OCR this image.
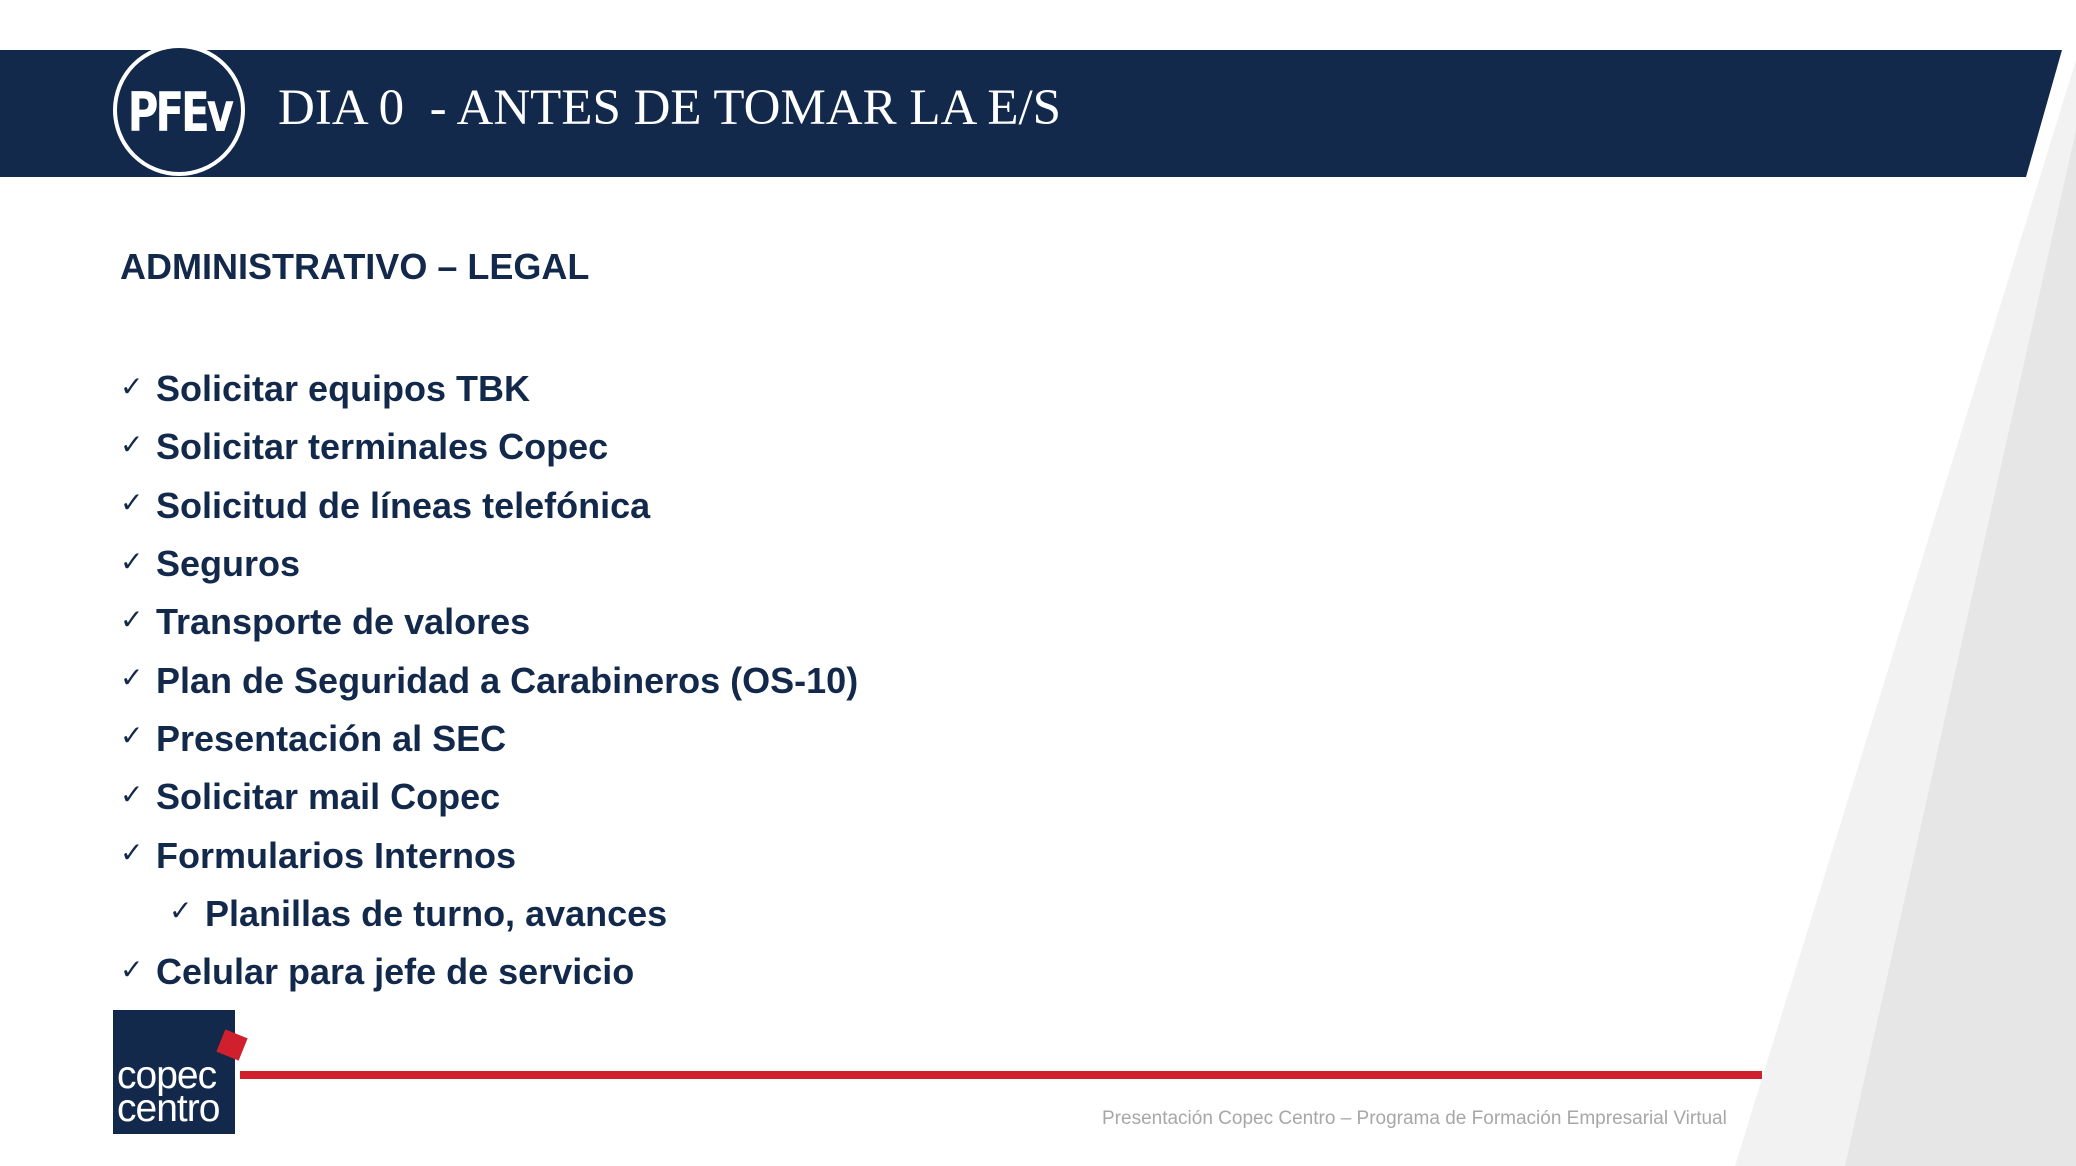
PFEv DIA 0  - ANTES DE TOMAR LA E/S
ADMINISTRATIVO – LEGAL
✓ Solicitar equipos TBK
✓ Solicitar terminales Copec
✓ Solicitud de líneas telefónica
✓ Seguros
✓ Transporte de valores
✓ Plan de Seguridad a Carabineros (OS-10)
✓ Presentación al SEC
✓ Solicitar mail Copec
✓ Formularios Internos
✓ Planillas de turno, avances
✓ Celular para jefe de servicio
copec
centro	Presentación Copec Centro – Programa de Formación Empresarial Virtual
